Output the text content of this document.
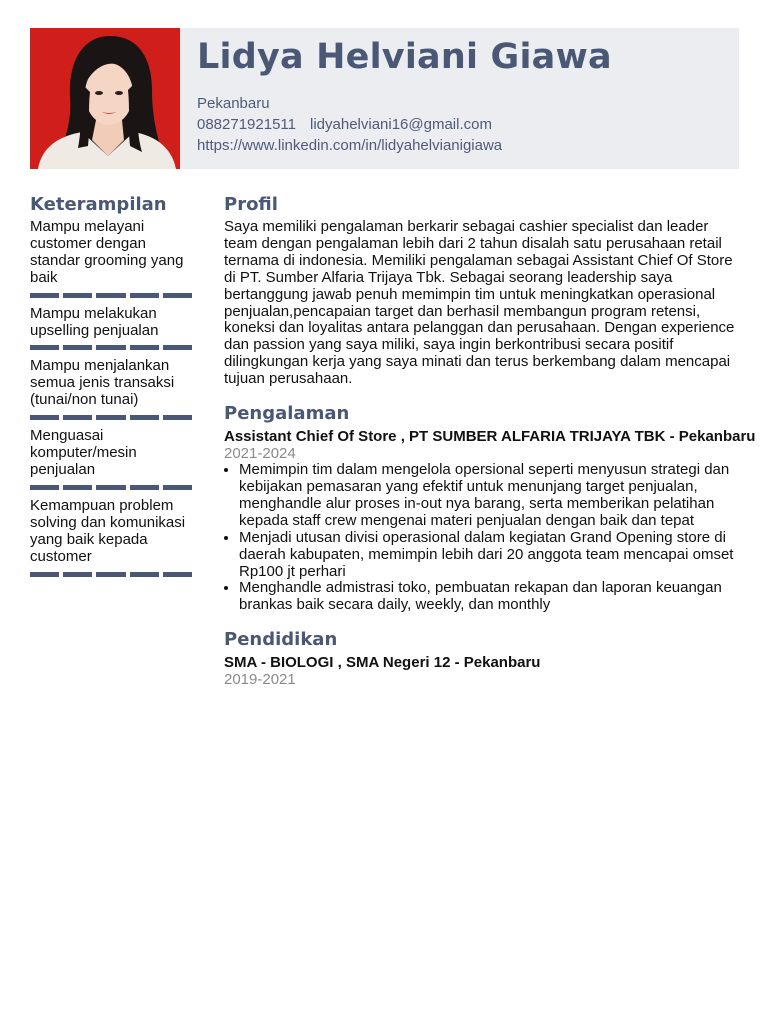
Lidya Helviani Giawa
Pekanbaru
088271921511 lidyahelviani16@gmail.com
https://www.linkedin.com/in/lidyahelvianigiawa
Keterampilan

Mampu melayani customer dengan standar grooming yang baik

Mampu melakukan upselling penjualan

Mampu menjalankan semua jenis transaksi (tunai/non tunai)

Menguasai komputer/mesin penjualan

Kemampuan problem solving dan komunikasi yang baik kepada customer

Profil

Saya memiliki pengalaman berkarir sebagai cashier specialist dan leader team dengan pengalaman lebih dari 2 tahun disalah satu perusahaan retail ternama di indonesia. Memiliki pengalaman sebagai Assistant Chief Of Store di PT. Sumber Alfaria Trijaya Tbk. Sebagai seorang leadership saya bertanggung jawab penuh memimpin tim untuk meningkatkan operasional penjualan,pencapaian target dan berhasil membangun program retensi, koneksi dan loyalitas antara pelanggan dan perusahaan. Dengan experience dan passion yang saya miliki, saya ingin berkontribusi secara positif dilingkungan kerja yang saya minati dan terus berkembang dalam mencapai tujuan perusahaan.

Pengalaman
Assistant Chief Of Store , PT SUMBER ALFARIA TRIJAYA TBK - Pekanbaru
2021-2024
• Memimpin tim dalam mengelola opersional seperti menyusun strategi dan kebijakan pemasaran yang efektif untuk menunjang target penjualan, menghandle alur proses in-out nya barang, serta memberikan pelatihan kepada staff crew mengenai materi penjualan dengan baik dan tepat
• Menjadi utusan divisi operasional dalam kegiatan Grand Opening store di daerah kabupaten, memimpin lebih dari 20 anggota team mencapai omset Rp100 jt perhari
• Menghandle admistrasi toko, pembuatan rekapan dan laporan keuangan brankas baik secara daily, weekly, dan monthly
Pendidikan
SMA - BIOLOGI , SMA Negeri 12 - Pekanbaru
2019-2021
